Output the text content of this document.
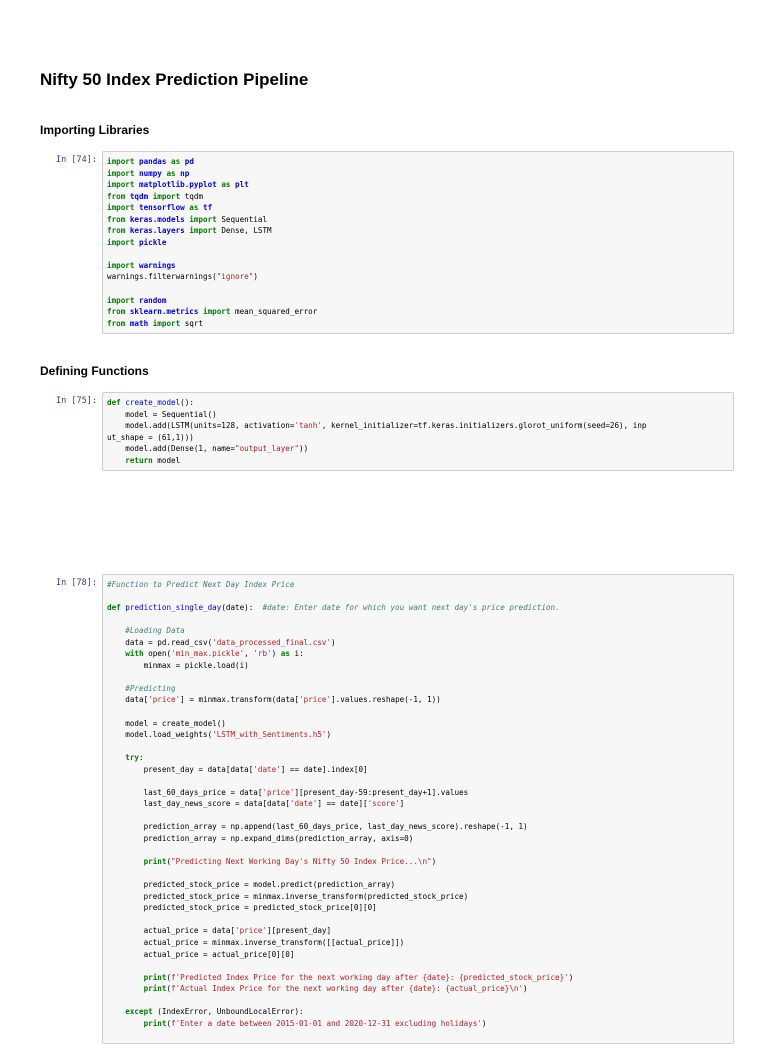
Nifty 50 Index Prediction Pipeline
Importing Libraries
Defining Functions
In [74]:	import pandas as pd
import numpy as np
import matplotlib.pyplot as plt
from tqdm import tqdm
import tensorflow as tf
from keras.models import Sequential
from keras.layers import Dense, LSTM
import pickle

import warnings
warnings.filterwarnings("ignore")

import random
from sklearn.metrics import mean_squared_error
from math import sqrt
In [75]:	def create_model():
model = Sequential()
model.add(LSTM(units=128, activation='tanh', kernel_initializer=tf.keras.initializers.glorot_uniform(seed=26), inp
ut_shape = (61,1)))
model.add(Dense(1, name="output_layer"))
return model
In [78]:	#Function to Predict Next Day Index Price

def prediction_single_day(date):  #date: Enter date for which you want next day's price prediction.

#Loading Data
data = pd.read_csv('data_processed_final.csv')
with open('min_max.pickle', 'rb') as i:
minmax = pickle.load(i)

#Predicting
data['price'] = minmax.transform(data['price'].values.reshape(-1, 1))

model = create_model()
model.load_weights('LSTM_with_Sentiments.h5')

try:
present_day = data[data['date'] == date].index[0]

last_60_days_price = data['price'][present_day-59:present_day+1].values
last_day_news_score = data[data['date'] == date]['score']

prediction_array = np.append(last_60_days_price, last_day_news_score).reshape(-1, 1)
prediction_array = np.expand_dims(prediction_array, axis=0)

print("Predicting Next Working Day's Nifty 50 Index Price...\n")

predicted_stock_price = model.predict(prediction_array)
predicted_stock_price = minmax.inverse_transform(predicted_stock_price)
predicted_stock_price = predicted_stock_price[0][0]

actual_price = data['price'][present_day]
actual_price = minmax.inverse_transform([[actual_price]])
actual_price = actual_price[0][0]

print(f'Predicted Index Price for the next working day after {date}: {predicted_stock_price}')
print(f'Actual Index Price for the next working day after {date}: {actual_price}\n')

except (IndexError, UnboundLocalError):
print(f'Enter a date between 2015-01-01 and 2020-12-31 excluding holidays')
